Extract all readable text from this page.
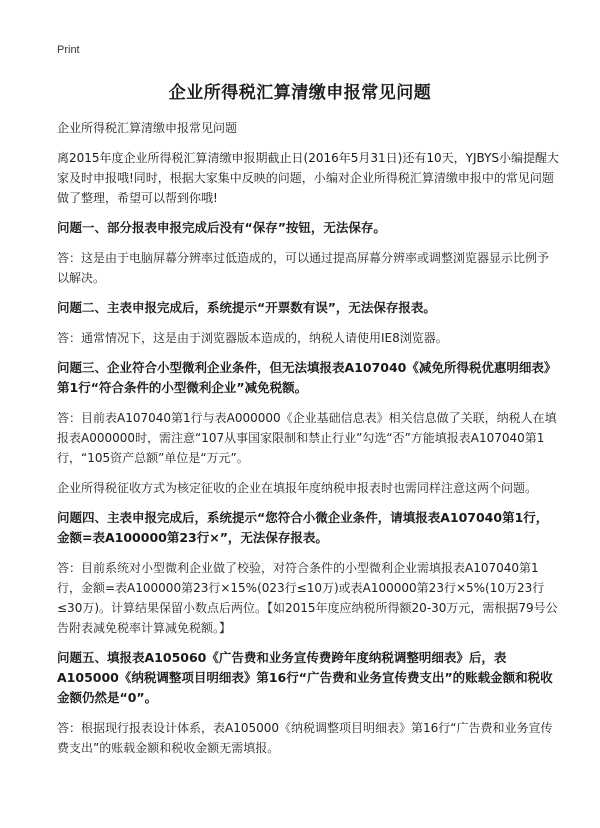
Print
企业所得税汇算清缴申报常见问题

企业所得税汇算清缴申报常见问题

离2015年度企业所得税汇算清缴申报期截止日(2016年5月31日)还有10天，YJBYS小编提醒大家及时申报哦!同时，根据大家集中反映的问题，小编对企业所得税汇算清缴申报中的常见问题做了整理，希望可以帮到你哦!

问题一、部分报表申报完成后没有“保存”按钮，无法保存。

答：这是由于电脑屏幕分辨率过低造成的，可以通过提高屏幕分辨率或调整浏览器显示比例予以解决。

问题二、主表申报完成后，系统提示“开票数有误”，无法保存报表。

答：通常情况下，这是由于浏览器版本造成的，纳税人请使用IE8浏览器。

问题三、企业符合小型微利企业条件，但无法填报表A107040《减免所得税优惠明细表》第1行“符合条件的小型微利企业”减免税额。

答：目前表A107040第1行与表A000000《企业基础信息表》相关信息做了关联，纳税人在填报表A000000时，需注意“107从事国家限制和禁止行业”勾选“否”方能填报表A107040第1行，“105资产总额”单位是“万元”。

企业所得税征收方式为核定征收的企业在填报年度纳税申报表时也需同样注意这两个问题。

问题四、主表申报完成后，系统提示“您符合小微企业条件，请填报表A107040第1行，金额=表A100000第23行×”，无法保存报表。

答：目前系统对小型微利企业做了校验，对符合条件的小型微利企业需填报表A107040第1行，金额=表A100000第23行×15%(023行≤10万)或表A100000第23行×5%(10万23行≤30万)。计算结果保留小数点后两位。【如2015年度应纳税所得额20-30万元，需根据79号公告附表减免税率计算减免税额。】

问题五、填报表A105060《广告费和业务宣传费跨年度纳税调整明细表》后，表A105000《纳税调整项目明细表》第16行“广告费和业务宣传费支出”的账载金额和税收金额仍然是“0”。

答：根据现行报表设计体系，表A105000《纳税调整项目明细表》第16行“广告费和业务宣传费支出”的账载金额和税收金额无需填报。
